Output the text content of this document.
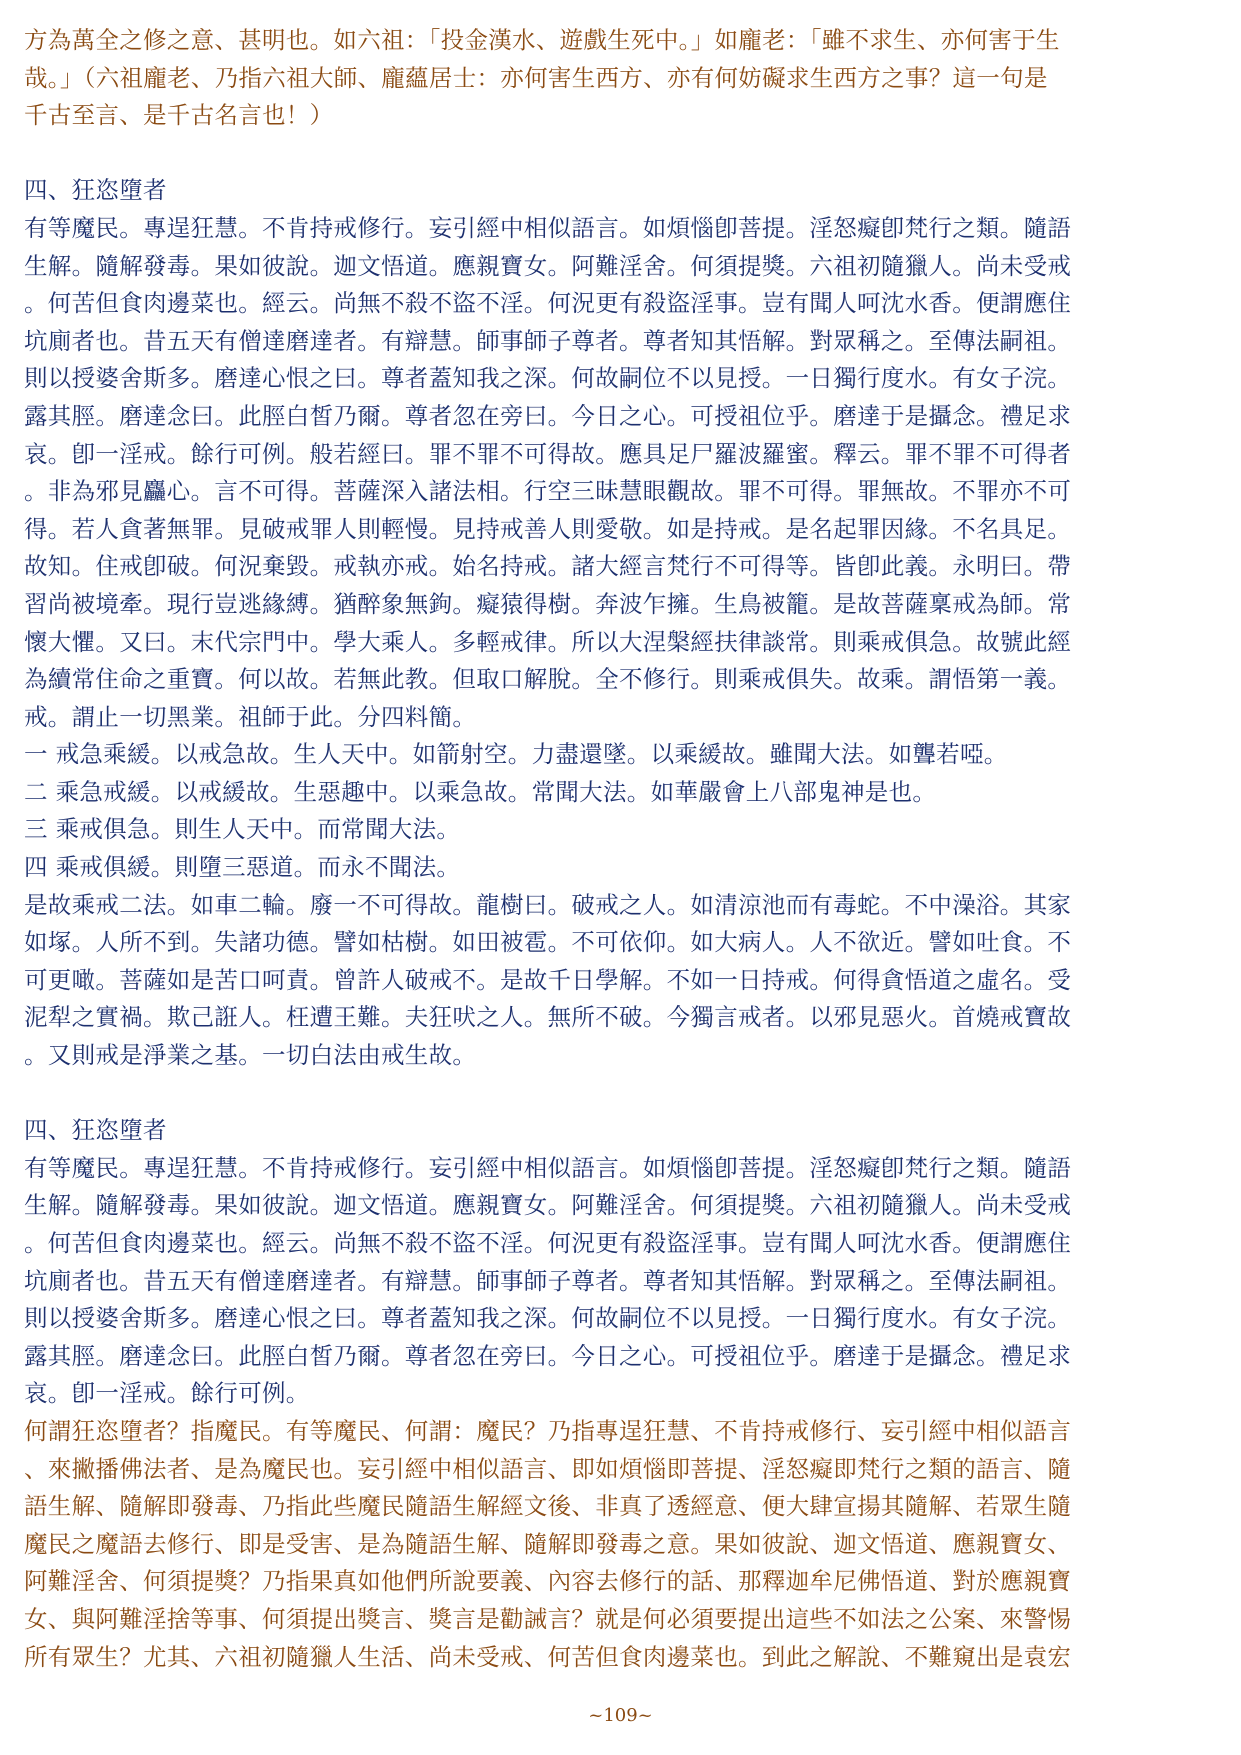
方為萬全之修之意、甚明也。如六祖：「投金漢水、遊戲生死中。」如龐老：「雖不求生、亦何害于生
哉。」（六祖龐老、乃指六祖大師、龐蘊居士：亦何害生西方、亦有何妨礙求生西方之事？這一句是
千古至言、是千古名言也！）
四、狂恣墮者
有等魔民。專逞狂慧。不肯持戒修行。妄引經中相似語言。如煩惱卽菩提。淫怒癡卽梵行之類。隨語
生解。隨解發毒。果如彼說。迦文悟道。應親寶女。阿難淫舍。何須提獎。六祖初隨獵人。尚未受戒
。何苦但食肉邊菜也。經云。尚無不殺不盜不淫。何況更有殺盜淫事。豈有聞人呵沈水香。便謂應住
坑廁者也。昔五天有僧達磨達者。有辯慧。師事師子尊者。尊者知其悟解。對眾稱之。至傳法嗣祖。
則以授婆舍斯多。磨達心恨之曰。尊者蓋知我之深。何故嗣位不以見授。一日獨行度水。有女子浣。
露其脛。磨達念曰。此脛白皙乃爾。尊者忽在旁曰。今日之心。可授祖位乎。磨達于是攝念。禮足求
哀。卽一淫戒。餘行可例。般若經曰。罪不罪不可得故。應具足尸羅波羅蜜。釋云。罪不罪不可得者
。非為邪見麤心。言不可得。菩薩深入諸法相。行空三昧慧眼觀故。罪不可得。罪無故。不罪亦不可
得。若人貪著無罪。見破戒罪人則輕慢。見持戒善人則愛敬。如是持戒。是名起罪因緣。不名具足。
故知。住戒卽破。何況棄毀。戒執亦戒。始名持戒。諸大經言梵行不可得等。皆卽此義。永明曰。帶
習尚被境牽。現行豈逃緣縛。猶醉象無鉤。癡猿得樹。奔波乍擁。生鳥被籠。是故菩薩稟戒為師。常
懷大懼。又曰。末代宗門中。學大乘人。多輕戒律。所以大涅槃經扶律談常。則乘戒俱急。故號此經
為續常住命之重寶。何以故。若無此教。但取口解脫。全不修行。則乘戒俱失。故乘。謂悟第一義。
戒。謂止一切黑業。祖師于此。分四料簡。
一 戒急乘緩。以戒急故。生人天中。如箭射空。力盡還墜。以乘緩故。雖聞大法。如聾若啞。
二 乘急戒緩。以戒緩故。生惡趣中。以乘急故。常聞大法。如華嚴會上八部鬼神是也。
三 乘戒俱急。則生人天中。而常聞大法。
四 乘戒俱緩。則墮三惡道。而永不聞法。
是故乘戒二法。如車二輪。廢一不可得故。龍樹曰。破戒之人。如清涼池而有毒蛇。不中澡浴。其家
如塚。人所不到。失諸功德。譬如枯樹。如田被雹。不可依仰。如大病人。人不欲近。譬如吐食。不
可更噉。菩薩如是苦口呵責。曾許人破戒不。是故千日學解。不如一日持戒。何得貪悟道之虛名。受
泥犁之實禍。欺己誑人。枉遭王難。夫狂吠之人。無所不破。今獨言戒者。以邪見惡火。首燒戒寶故
。又則戒是淨業之基。一切白法由戒生故。
四、狂恣墮者
有等魔民。專逞狂慧。不肯持戒修行。妄引經中相似語言。如煩惱卽菩提。淫怒癡卽梵行之類。隨語
生解。隨解發毒。果如彼說。迦文悟道。應親寶女。阿難淫舍。何須提獎。六祖初隨獵人。尚未受戒
。何苦但食肉邊菜也。經云。尚無不殺不盜不淫。何況更有殺盜淫事。豈有聞人呵沈水香。便謂應住
坑廁者也。昔五天有僧達磨達者。有辯慧。師事師子尊者。尊者知其悟解。對眾稱之。至傳法嗣祖。
則以授婆舍斯多。磨達心恨之曰。尊者蓋知我之深。何故嗣位不以見授。一日獨行度水。有女子浣。
露其脛。磨達念曰。此脛白皙乃爾。尊者忽在旁曰。今日之心。可授祖位乎。磨達于是攝念。禮足求
哀。卽一淫戒。餘行可例。
何謂狂恣墮者？指魔民。有等魔民、何謂：魔民？乃指專逞狂慧、不肯持戒修行、妄引經中相似語言
、來撇播佛法者、是為魔民也。妄引經中相似語言、即如煩惱即菩提、淫怒癡即梵行之類的語言、隨
語生解、隨解即發毒、乃指此些魔民隨語生解經文後、非真了透經意、便大肆宣揚其隨解、若眾生隨
魔民之魔語去修行、即是受害、是為隨語生解、隨解即發毒之意。果如彼說、迦文悟道、應親寶女、
阿難淫舍、何須提獎？乃指果真如他們所說要義、內容去修行的話、那釋迦牟尼佛悟道、對於應親寶
女、與阿難淫捨等事、何須提出獎言、獎言是勸誡言？就是何必須要提出這些不如法之公案、來警惕
所有眾生？尤其、六祖初隨獵人生活、尚未受戒、何苦但食肉邊菜也。到此之解說、不難窺出是袁宏
~109~
